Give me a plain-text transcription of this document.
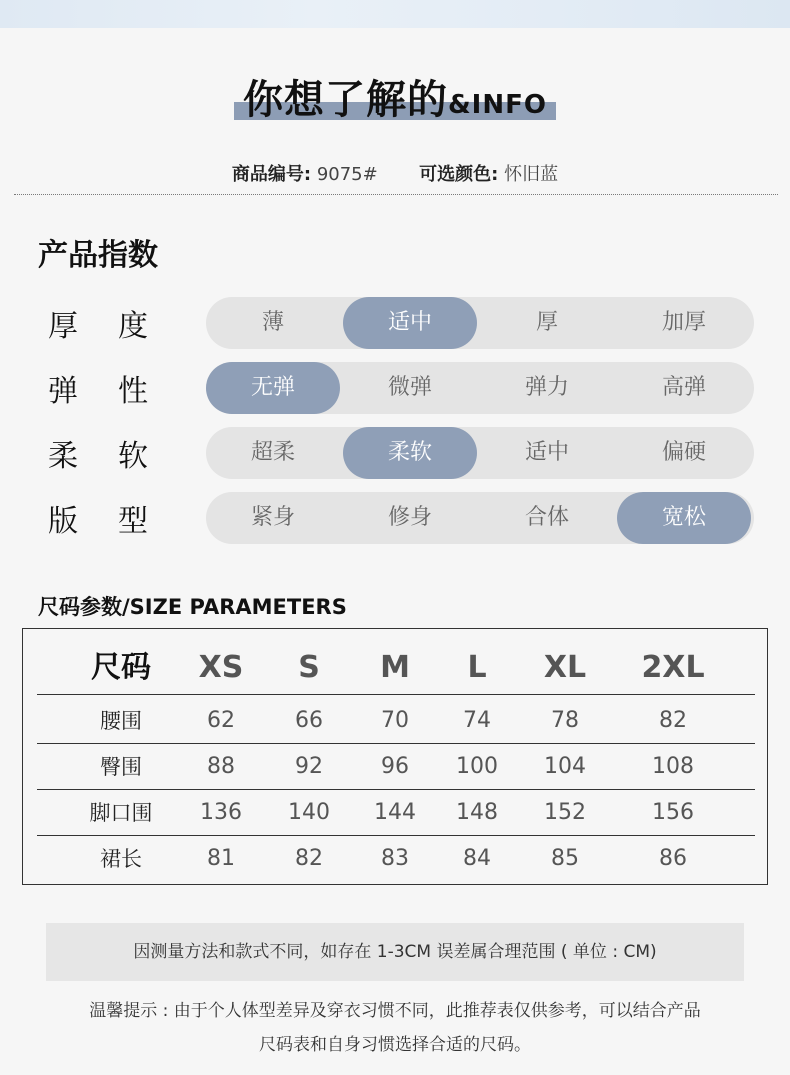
你想了解的&INFO
商品编号: 9075# 可选颜色: 怀旧蓝
产品指数
厚 度	薄	适中	厚	加厚
弹 性	无弹	微弹	弹力	高弹
柔 软	超柔	柔软	适中	偏硬
版 型	紧身	修身	合体	宽松
尺码参数/SIZE PARAMETERS
尺码 XS S M L XL 2XL
腰围	62	66	70 74	78	82
臀围	88	92	96 100 104	108
脚口围 136 140 144 148 152	156
裙长	81	82	83 84	85	86
因测量方法和款式不同，如存在 1-3CM 误差属合理范围 ( 单位 : CM)
温馨提示 : 由于个人体型差异及穿衣习惯不同，此推荐表仅供参考，可以结合产品
尺码表和自身习惯选择合适的尺码。
